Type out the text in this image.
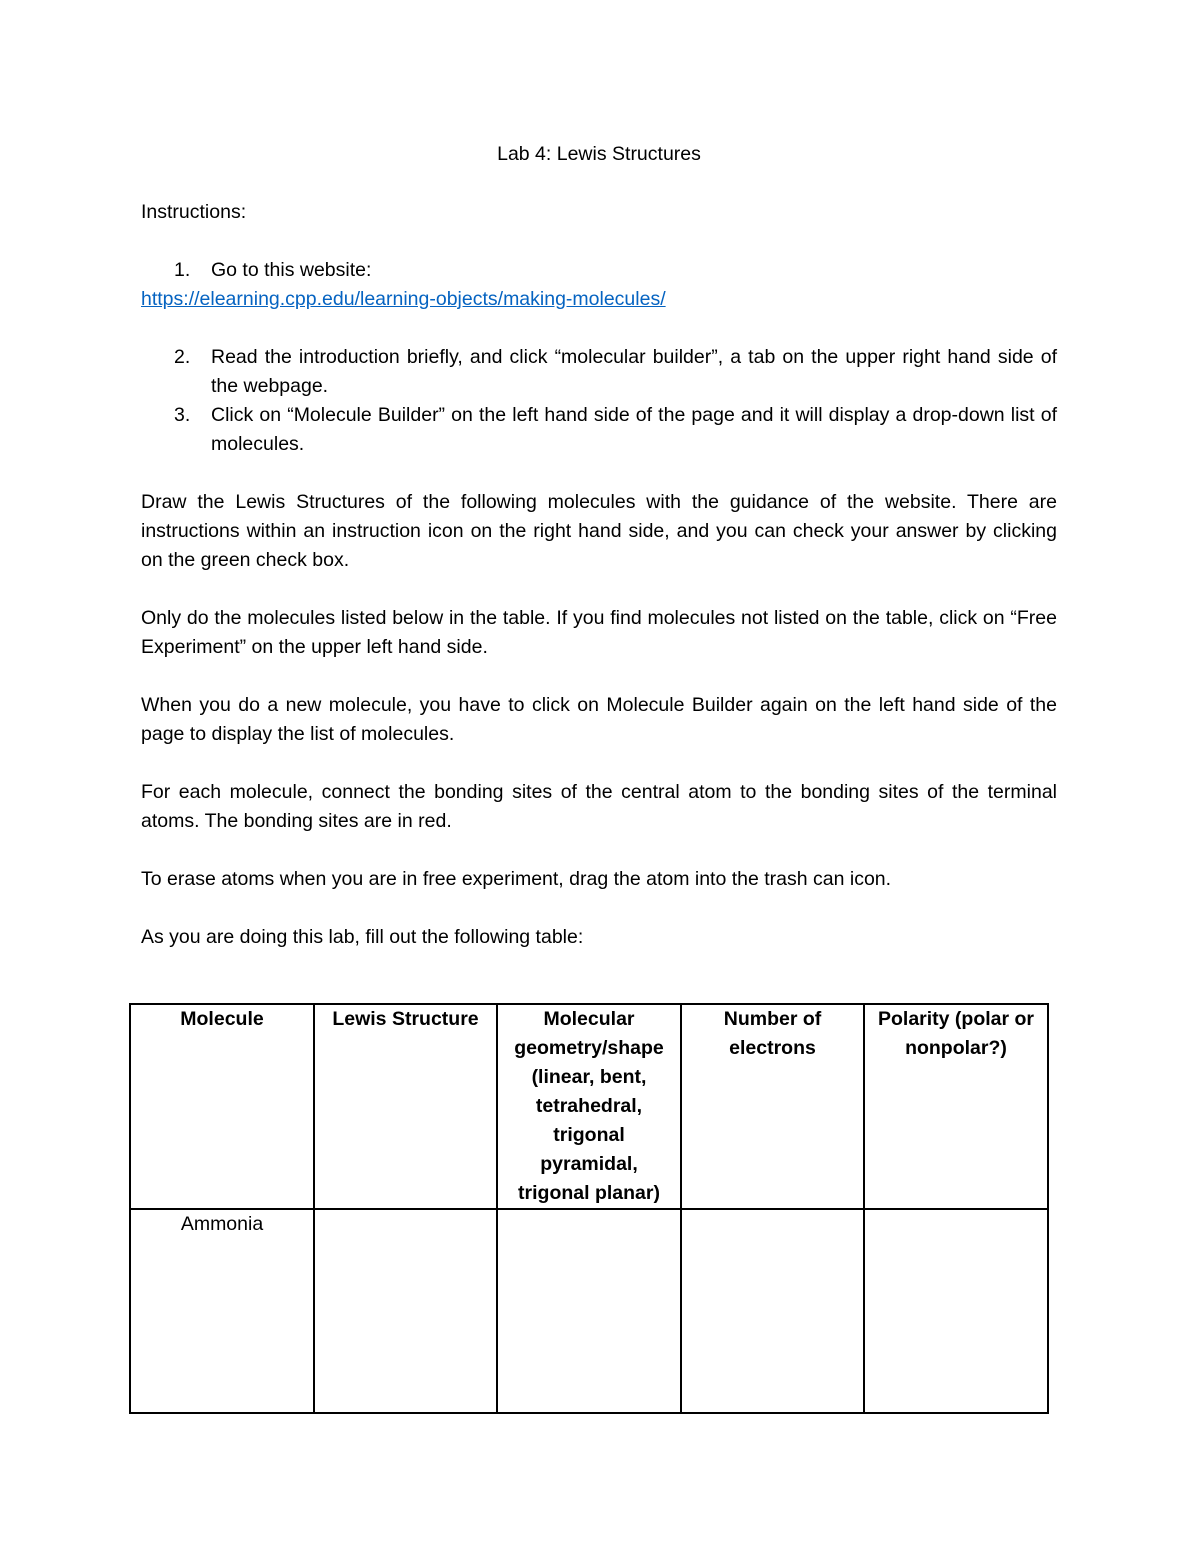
Lab 4: Lewis Structures
Instructions:
1. Go to this website:
https://elearning.cpp.edu/learning-objects/making-molecules/
2. Read the introduction briefly, and click “molecular builder”, a tab on the upper right hand side of the webpage.
3. Click on “Molecule Builder” on the left hand side of the page and it will display a drop-down list of molecules.

Draw the Lewis Structures of the following molecules with the guidance of the website. There are instructions within an instruction icon on the right hand side, and you can check your answer by clicking on the green check box.

Only do the molecules listed below in the table. If you find molecules not listed on the table, click on “Free Experiment” on the upper left hand side.

When you do a new molecule, you have to click on Molecule Builder again on the left hand side of the page to display the list of molecules.

For each molecule, connect the bonding sites of the central atom to the bonding sites of the terminal atoms. The bonding sites are in red.

To erase atoms when you are in free experiment, drag the atom into the trash can icon.

As you are doing this lab, fill out the following table:

Molecule	Lewis Structure	Molecular geometry/shape (linear, bent, tetrahedral, trigonal pyramidal, trigonal planar)	Number of electrons	Polarity (polar or nonpolar?)
Ammonia				
